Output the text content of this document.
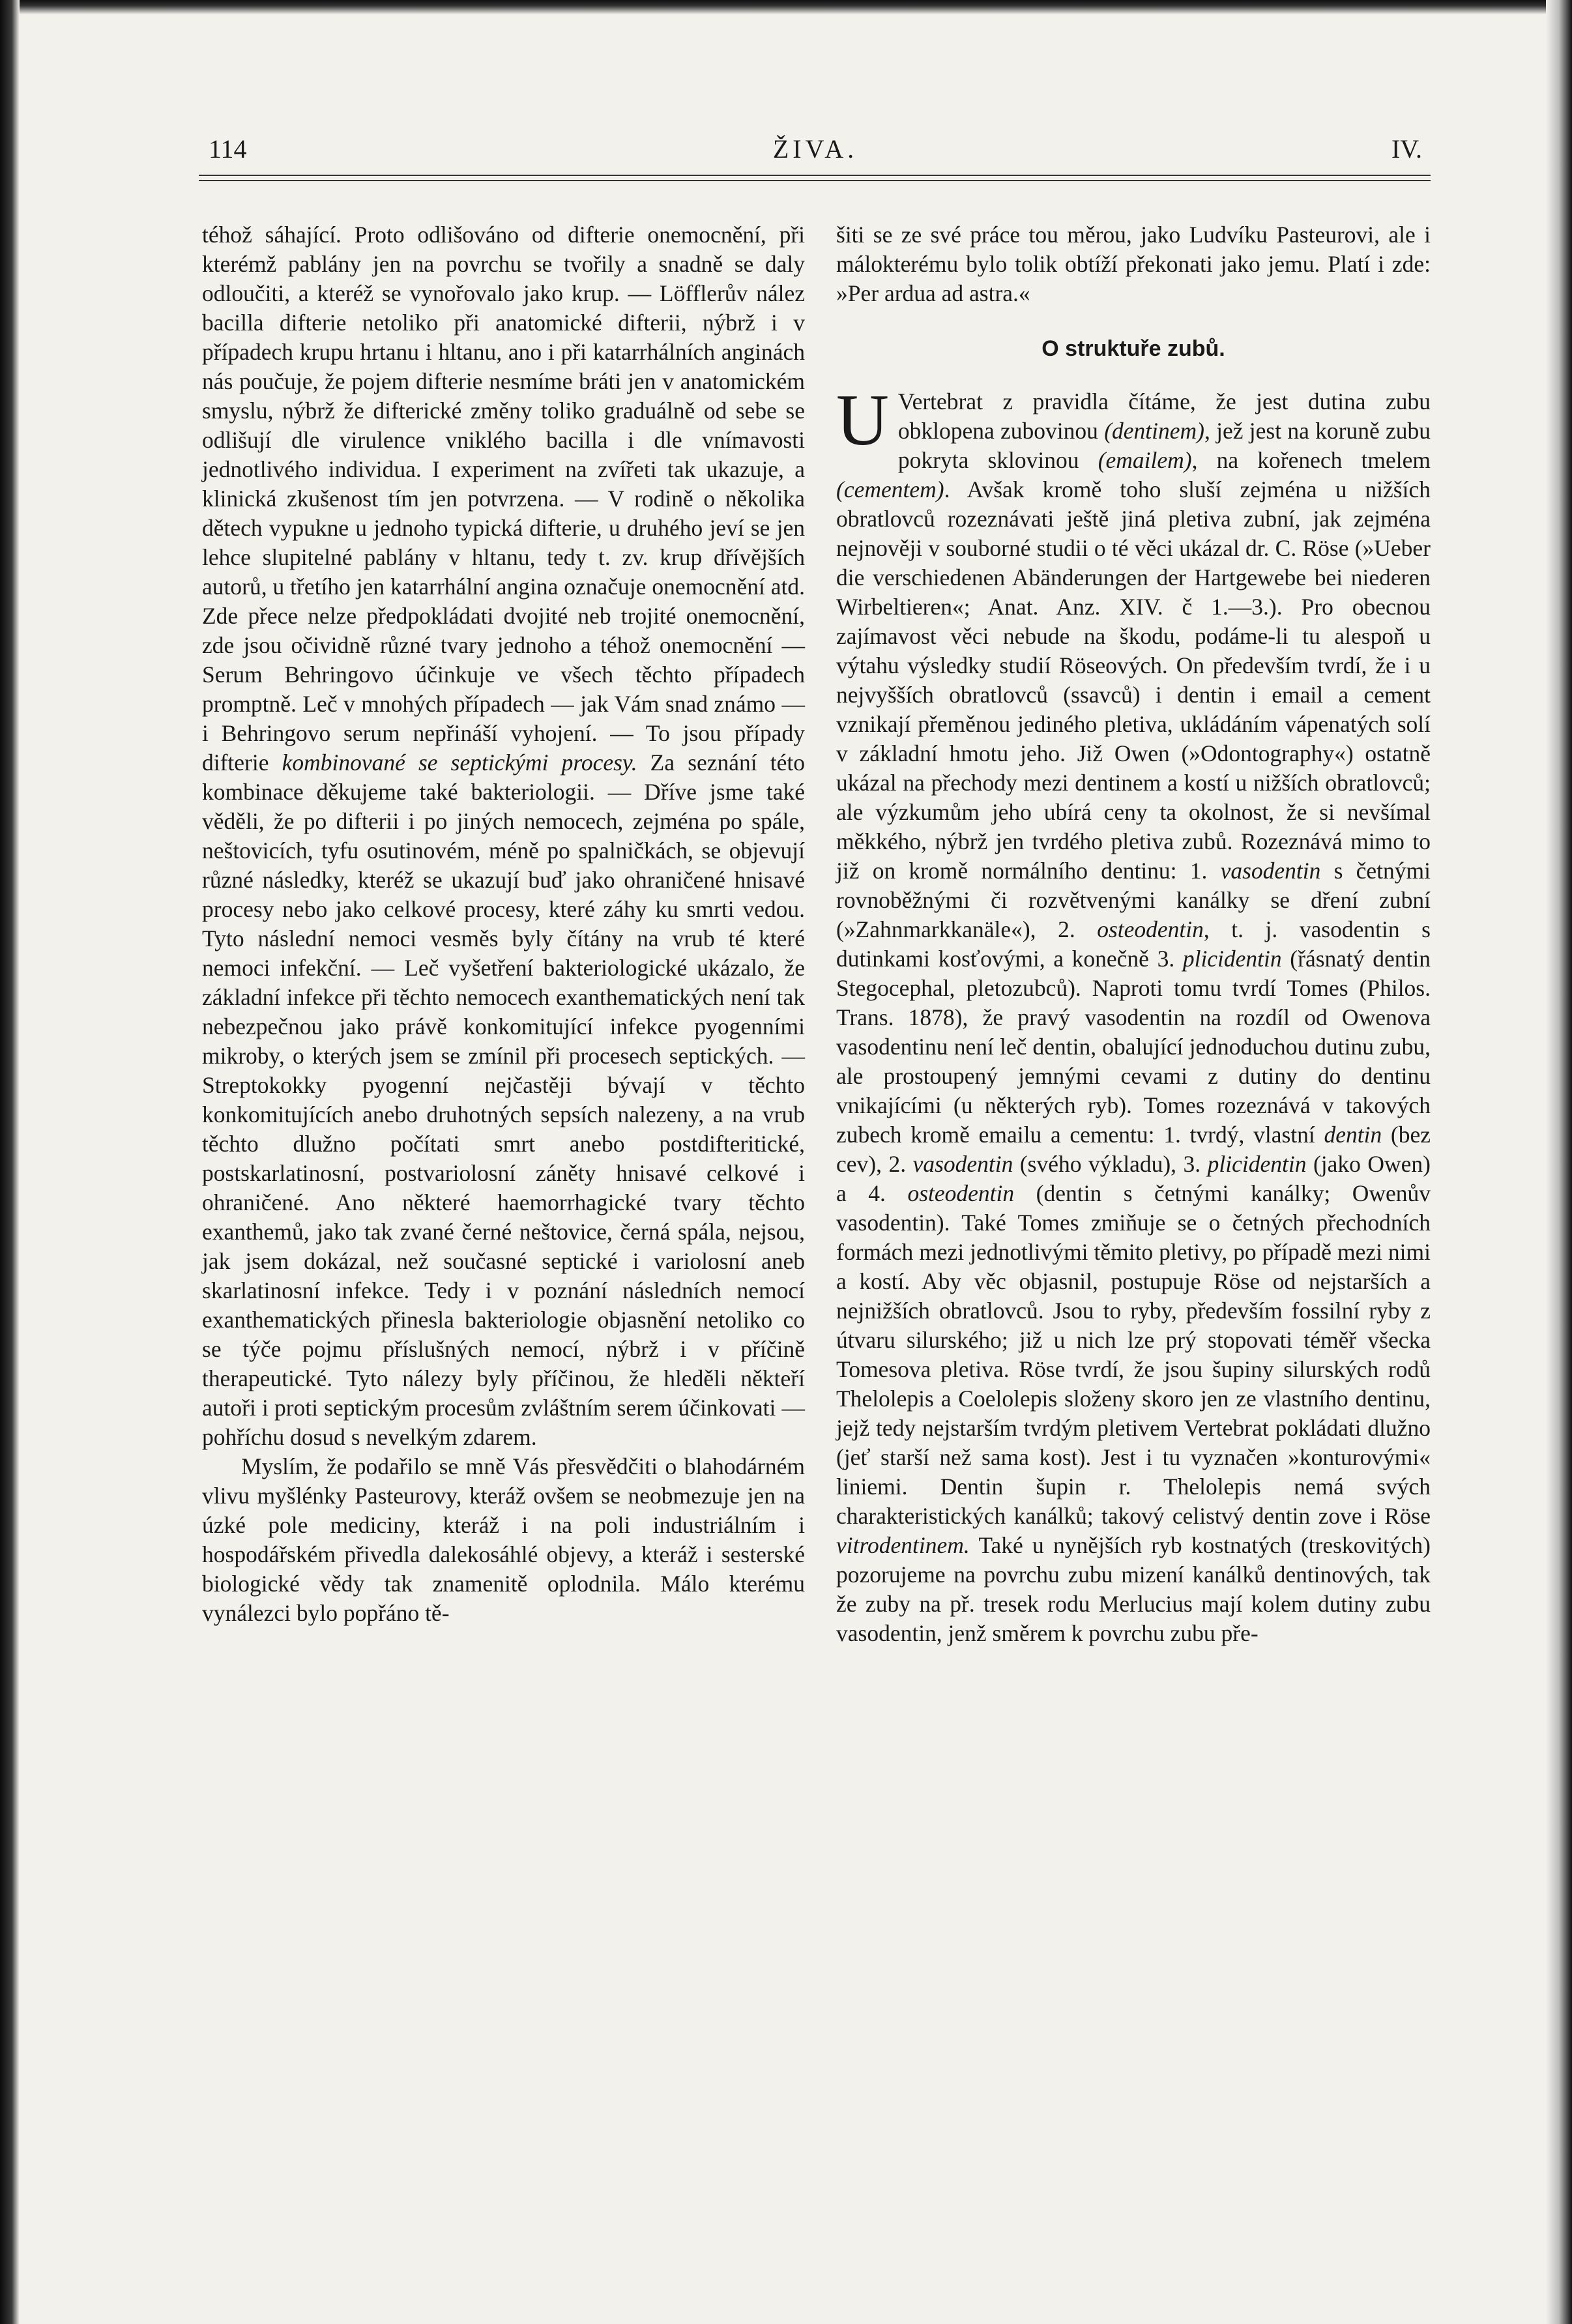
114	ŽIVA.	IV.

téhož sáhající. Proto odlišováno od difterie onemocnění, při kterémž pablány jen na povrchu se tvořily a snadně se daly odloučiti, a kteréž se vynořovalo jako krup. — Löfflerův nález bacilla difterie netoliko při anatomické difterii, nýbrž i v případech krupu hrtanu i hltanu, ano i při katarrhálních anginách nás poučuje, že pojem difterie nesmíme bráti jen v anatomickém smyslu, nýbrž že difterické změny toliko graduálně od sebe se odlišují dle virulence vniklého bacilla i dle vnímavosti jednotlivého individua. I experiment na zvířeti tak ukazuje, a klinická zkušenost tím jen potvrzena. — V rodině o několika dětech vypukne u jednoho typická difterie, u druhého jeví se jen lehce slupitelné pablány v hltanu, tedy t. zv. krup dřívějších autorů, u třetího jen katarrhální angina označuje onemocnění atd. Zde přece nelze předpokládati dvojité neb trojité onemocnění, zde jsou očividně různé tvary jednoho a téhož onemocnění — Serum Behringovo účinkuje ve všech těchto případech promptně. Leč v mnohých případech — jak Vám snad známo — i Behringovo serum nepřináší vyhojení. — To jsou případy difterie kombinované se septickými procesy. Za seznání této kombinace děkujeme také bakteriologii. — Dříve jsme také věděli, že po difterii i po jiných nemocech, zejména po spále, neštovicích, tyfu osutinovém, méně po spalničkách, se objevují různé následky, kteréž se ukazují buď jako ohraničené hnisavé procesy nebo jako celkové procesy, které záhy ku smrti vedou. Tyto následní nemoci vesměs byly čítány na vrub té které nemoci infekční. — Leč vyšetření bakteriologické ukázalo, že základní infekce při těchto nemocech exanthematických není tak nebezpečnou jako právě konkomitující infekce pyogenními mikroby, o kterých jsem se zmínil při procesech septických. — Streptokokky pyogenní nejčastěji bývají v těchto konkomitujících anebo druhotných sepsích nalezeny, a na vrub těchto dlužno počítati smrt anebo postdifteritické, postskarlatinosní, postvariolosní záněty hnisavé celkové i ohraničené. Ano některé haemorrhagické tvary těchto exanthemů, jako tak zvané černé neštovice, černá spála, nejsou, jak jsem dokázal, než současné septické i variolosní aneb skarlatinosní infekce. Tedy i v poznání následních nemocí exanthematických přinesla bakteriologie objasnění netoliko co se týče pojmu příslušných nemocí, nýbrž i v příčině therapeutické. Tyto nálezy byly příčinou, že hleděli někteří autoři i proti septickým procesům zvláštním serem účinkovati — pohříchu dosud s nevelkým zdarem.

Myslím, že podařilo se mně Vás přesvědčiti o blahodárném vlivu myšlénky Pasteurovy, kteráž ovšem se neobmezuje jen na úzké pole mediciny, kteráž i na poli industriálním i hospodářském přivedla dalekosáhlé objevy, a kteráž i sesterské biologické vědy tak znamenitě oplodnila. Málo kterému vynálezci bylo popřáno tě-

šiti se ze své práce tou měrou, jako Ludvíku Pasteurovi, ale i málokterému bylo tolik obtíží překonati jako jemu. Platí i zde: »Per ardua ad astra.«

O struktuře zubů.

U Vertebrat z pravidla čítáme, že jest dutina zubu obklopena zubovinou (dentinem), jež jest na koruně zubu pokryta sklovinou (emailem), na kořenech tmelem (cementem). Avšak kromě toho sluší zejména u nižších obratlovců rozeznávati ještě jiná pletiva zubní, jak zejména nejnověji v souborné studii o té věci ukázal dr. C. Röse (»Ueber die verschiedenen Abänderungen der Hartgewebe bei niederen Wirbeltieren«; Anat. Anz. XIV. č 1.—3.). Pro obecnou zajímavost věci nebude na škodu, podáme-li tu alespoň u výtahu výsledky studií Röseových. On především tvrdí, že i u nejvyšších obratlovců (ssavců) i dentin i email a cement vznikají přeměnou jediného pletiva, ukládáním vápenatých solí v základní hmotu jeho. Již Owen (»Odontography«) ostatně ukázal na přechody mezi dentinem a kostí u nižších obratlovců; ale výzkumům jeho ubírá ceny ta okolnost, že si nevšímal měkkého, nýbrž jen tvrdého pletiva zubů. Rozeznává mimo to již on kromě normálního dentinu: 1. vasodentin s četnými rovnoběžnými či rozvětvenými kanálky se dření zubní (»Zahnmarkkanäle«), 2. osteodentin, t. j. vasodentin s dutinkami kosťovými, a konečně 3. plicidentin (řásnatý dentin Stegocephal, pletozubců). Naproti tomu tvrdí Tomes (Philos. Trans. 1878), že pravý vasodentin na rozdíl od Owenova vasodentinu není leč dentin, obalující jednoduchou dutinu zubu, ale prostoupený jemnými cevami z dutiny do dentinu vnikajícími (u některých ryb). Tomes rozeznává v takových zubech kromě emailu a cementu: 1. tvrdý, vlastní dentin (bez cev), 2. vasodentin (svého výkladu), 3. plicidentin (jako Owen) a 4. osteodentin (dentin s četnými kanálky; Owenův vasodentin). Také Tomes zmiňuje se o četných přechodních formách mezi jednotlivými těmito pletivy, po případě mezi nimi a kostí. Aby věc objasnil, postupuje Röse od nejstarších a nejnižších obratlovců. Jsou to ryby, především fossilní ryby z útvaru silurského; již u nich lze prý stopovati téměř všecka Tomesova pletiva. Röse tvrdí, že jsou šupiny silurských rodů Thelolepis a Coelolepis složeny skoro jen ze vlastního dentinu, jejž tedy nejstarším tvrdým pletivem Vertebrat pokládati dlužno (jeť starší než sama kost). Jest i tu vyznačen »konturovými« liniemi. Dentin šupin r. Thelolepis nemá svých charakteristických kanálků; takový celistvý dentin zove i Röse vitrodentinem. Také u nynějších ryb kostnatých (treskovitých) pozorujeme na povrchu zubu mizení kanálků dentinových, tak že zuby na př. tresek rodu Merlucius mají kolem dutiny zubu vasodentin, jenž směrem k povrchu zubu pře-
